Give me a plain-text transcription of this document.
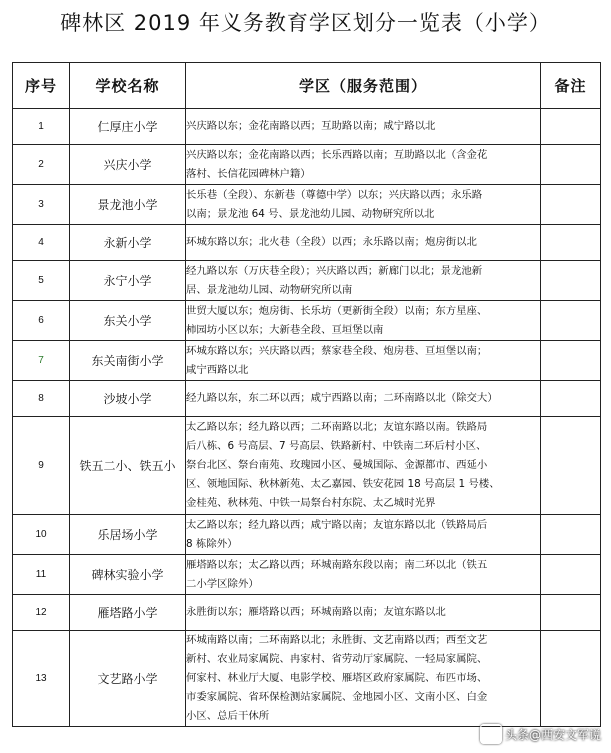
碑林区 2019 年义务教育学区划分一览表（小学）
序号	学校名称	学区（服务范围）	备注
1	仁厚庄小学	兴庆路以东；金花南路以西；互助路以南；咸宁路以北	

2	兴庆小学	兴庆路以东；金花南路以西；长乐西路以南；互助路以北（含金花
落村、长信花园碑林户籍）	

3	景龙池小学	长乐巷（全段）、东新巷（尊德中学）以东；兴庆路以西；永乐路
以南；景龙池 64 号、景龙池幼儿园、动物研究所以北	

4	永新小学	环城东路以东；北火巷（全段）以西；永乐路以南；炮房街以北	

5	永宁小学	经九路以东（万庆巷全段）；兴庆路以西；新廊门以北；景龙池新
居、景龙池幼儿园、动物研究所以南	

6	东关小学	世贸大厦以东；炮房街、长乐坊（更新街全段）以南；东方星座、
柿园坊小区以东；大新巷全段、亘垣堡以南	

7	东关南街小学	环城东路以东；兴庆路以西；蔡家巷全段、炮房巷、亘垣堡以南；
咸宁西路以北	

8	沙坡小学	经九路以东，东二环以西；咸宁西路以南；二环南路以北（除交大）	

9	铁五二小、铁五小	太乙路以东；经九路以西；二环南路以北；友谊东路以南。铁路局
后八栋、6 号高层、7 号高层、铁路新村、中铁南二环后村小区、
祭台北区、祭台南苑、玫瑰园小区、曼城国际、金源都市、西延小
区、领地国际、秋林新苑、太乙嘉园、铁安花园 18 号高层 1 号楼、
金桂苑、秋林苑、中铁一局祭台村东院、太乙城时光界	

10	乐居场小学	太乙路以东；经九路以西；咸宁路以南；友谊东路以北（铁路局后
8 栋除外）	

11	碑林实验小学	雁塔路以东；太乙路以西；环城南路东段以南；南二环以北（铁五
二小学区除外）	

12	雁塔路小学	永胜街以东；雁塔路以西；环城南路以南；友谊东路以北	

13	文艺路小学	环城南路以南；二环南路以北；永胜街、文艺南路以西；西至文艺
新村、农业局家属院、冉家村、省劳动厅家属院、一轻局家属院、
何家村、林业厅大厦、电影学校、雁塔区政府家属院、布匹市场、
市委家属院、省环保检测站家属院、金地园小区、文南小区、白金
小区、总后干休所	

头条@西安文军说
